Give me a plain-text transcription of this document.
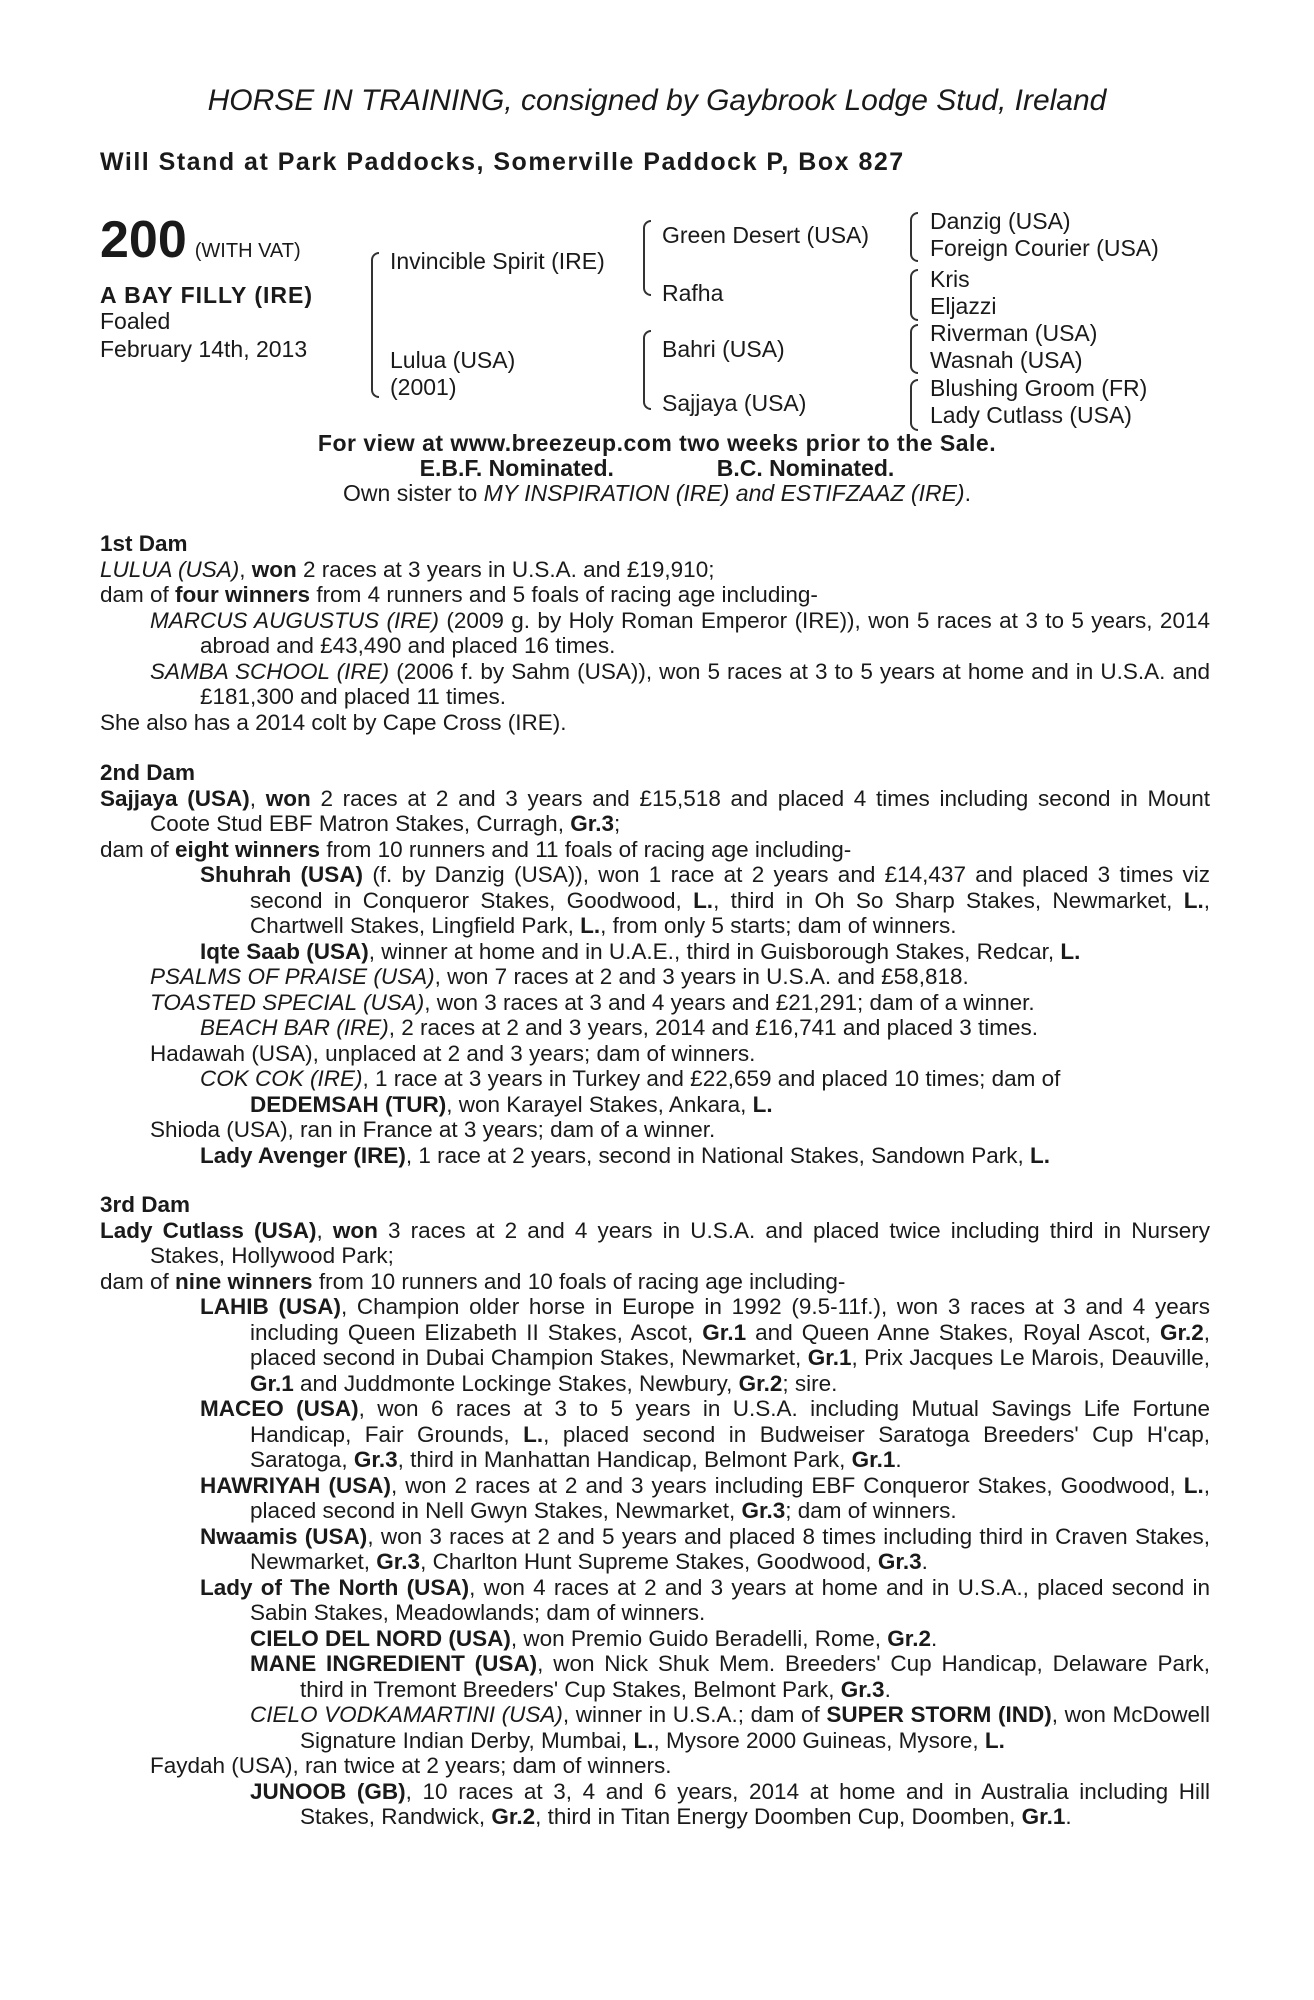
HORSE IN TRAINING, consigned by Gaybrook Lodge Stud, Ireland
Will Stand at Park Paddocks, Somerville Paddock P, Box 827
200 (WITH VAT)
A BAY FILLY (IRE)
Foaled
February 14th, 2013
Invincible Spirit (IRE)
Lulua (USA)
(2001)
Green Desert (USA)
Rafha
Bahri (USA)
Sajjaya (USA)
Danzig (USA)
Foreign Courier (USA)
Kris
Eljazzi
Riverman (USA)
Wasnah (USA)
Blushing Groom (FR)
Lady Cutlass (USA)
For view at www.breezeup.com two weeks prior to the Sale.
E.B.F. Nominated.	B.C. Nominated.
Own sister to MY INSPIRATION (IRE) and ESTIFZAAZ (IRE).
1st Dam
LULUA (USA), won 2 races at 3 years in U.S.A. and £19,910;
dam of four winners from 4 runners and 5 foals of racing age including-
MARCUS AUGUSTUS (IRE) (2009 g. by Holy Roman Emperor (IRE)), won 5 races at 3 to 5 years, 2014 abroad and £43,490 and placed 16 times.
SAMBA SCHOOL (IRE) (2006 f. by Sahm (USA)), won 5 races at 3 to 5 years at home and in U.S.A. and £181,300 and placed 11 times.
She also has a 2014 colt by Cape Cross (IRE).
2nd Dam
Sajjaya (USA), won 2 races at 2 and 3 years and £15,518 and placed 4 times including second in Mount Coote Stud EBF Matron Stakes, Curragh, Gr.3;
dam of eight winners from 10 runners and 11 foals of racing age including-
Shuhrah (USA) (f. by Danzig (USA)), won 1 race at 2 years and £14,437 and placed 3 times viz second in Conqueror Stakes, Goodwood, L., third in Oh So Sharp Stakes, Newmarket, L., Chartwell Stakes, Lingfield Park, L., from only 5 starts; dam of winners.
Iqte Saab (USA), winner at home and in U.A.E., third in Guisborough Stakes, Redcar, L.
PSALMS OF PRAISE (USA), won 7 races at 2 and 3 years in U.S.A. and £58,818.
TOASTED SPECIAL (USA), won 3 races at 3 and 4 years and £21,291; dam of a winner.
BEACH BAR (IRE), 2 races at 2 and 3 years, 2014 and £16,741 and placed 3 times.
Hadawah (USA), unplaced at 2 and 3 years; dam of winners.
COK COK (IRE), 1 race at 3 years in Turkey and £22,659 and placed 10 times; dam of
DEDEMSAH (TUR), won Karayel Stakes, Ankara, L.
Shioda (USA), ran in France at 3 years; dam of a winner.
Lady Avenger (IRE), 1 race at 2 years, second in National Stakes, Sandown Park, L.
3rd Dam
Lady Cutlass (USA), won 3 races at 2 and 4 years in U.S.A. and placed twice including third in Nursery Stakes, Hollywood Park;
dam of nine winners from 10 runners and 10 foals of racing age including-
LAHIB (USA), Champion older horse in Europe in 1992 (9.5-11f.), won 3 races at 3 and 4 years including Queen Elizabeth II Stakes, Ascot, Gr.1 and Queen Anne Stakes, Royal Ascot, Gr.2, placed second in Dubai Champion Stakes, Newmarket, Gr.1, Prix Jacques Le Marois, Deauville, Gr.1 and Juddmonte Lockinge Stakes, Newbury, Gr.2; sire.
MACEO (USA), won 6 races at 3 to 5 years in U.S.A. including Mutual Savings Life Fortune Handicap, Fair Grounds, L., placed second in Budweiser Saratoga Breeders' Cup H'cap, Saratoga, Gr.3, third in Manhattan Handicap, Belmont Park, Gr.1.
HAWRIYAH (USA), won 2 races at 2 and 3 years including EBF Conqueror Stakes, Goodwood, L., placed second in Nell Gwyn Stakes, Newmarket, Gr.3; dam of winners.
Nwaamis (USA), won 3 races at 2 and 5 years and placed 8 times including third in Craven Stakes, Newmarket, Gr.3, Charlton Hunt Supreme Stakes, Goodwood, Gr.3.
Lady of The North (USA), won 4 races at 2 and 3 years at home and in U.S.A., placed second in Sabin Stakes, Meadowlands; dam of winners.
CIELO DEL NORD (USA), won Premio Guido Beradelli, Rome, Gr.2.
MANE INGREDIENT (USA), won Nick Shuk Mem. Breeders' Cup Handicap, Delaware Park, third in Tremont Breeders' Cup Stakes, Belmont Park, Gr.3.
CIELO VODKAMARTINI (USA), winner in U.S.A.; dam of SUPER STORM (IND), won McDowell Signature Indian Derby, Mumbai, L., Mysore 2000 Guineas, Mysore, L.
Faydah (USA), ran twice at 2 years; dam of winners.
JUNOOB (GB), 10 races at 3, 4 and 6 years, 2014 at home and in Australia including Hill Stakes, Randwick, Gr.2, third in Titan Energy Doomben Cup, Doomben, Gr.1.
